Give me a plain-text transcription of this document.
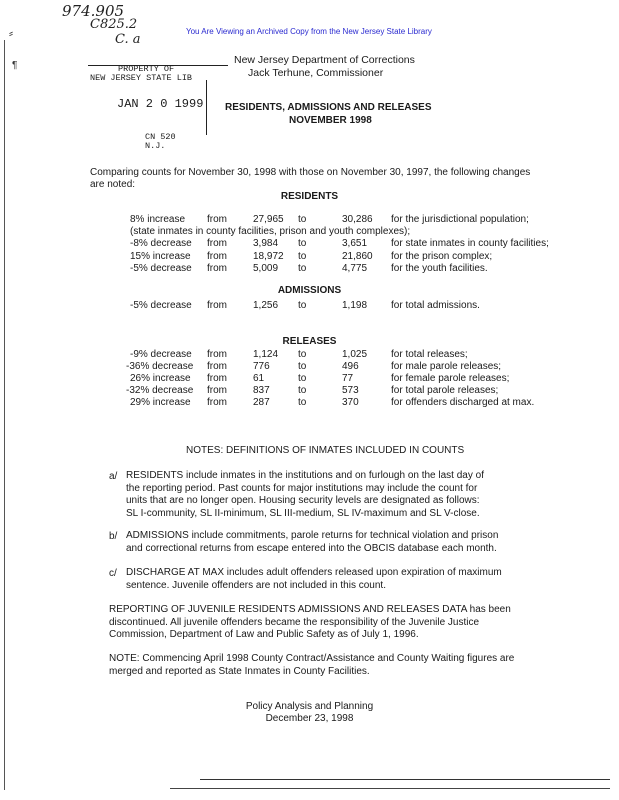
974.905
C825.2
C. a
You Are Viewing an Archived Copy from the New Jersey State Library
⸗
¶	PROPERTY OF
NEW JERSEY STATE LIB
JAN 2 0 1999
CN 520
N.J.
New Jersey Department of Corrections
Jack Terhune, Commissioner
RESIDENTS, ADMISSIONS AND RELEASES
NOVEMBER 1998
Comparing counts for November 30, 1998 with those on November 30, 1997, the following changes
are noted:
RESIDENTS
8% increase from	27,965 to	30,286 for the jurisdictional population;
(state inmates in county facilities, prison and youth complexes);
-8% decrease from	3,984 to	3,651 for state inmates in county facilities;
15% increase from	18,972 to	21,860 for the prison complex;
-5% decrease from	5,009 to	4,775 for the youth facilities.
ADMISSIONS
-5% decrease from	1,256 to	1,198 for total admissions.
RELEASES
-9% decrease from	1,124 to	1,025 for total releases;
-36% decrease from	776	to	496	for male parole releases;
26% increase from	61	to	77	for female parole releases;
-32% decrease from	837	to	573	for total parole releases;
29% increase from	287	to	370	for offenders discharged at max.
NOTES: DEFINITIONS OF INMATES INCLUDED IN COUNTS
a/ RESIDENTS include inmates in the institutions and on furlough on the last day of
the reporting period. Past counts for major institutions may include the count for
units that are no longer open. Housing security levels are designated as follows:
SL I-community, SL II-minimum, SL III-medium, SL IV-maximum and SL V-close.
b/ ADMISSIONS include commitments, parole returns for technical violation and prison
and correctional returns from escape entered into the OBCIS database each month.
c/ DISCHARGE AT MAX includes adult offenders released upon expiration of maximum
sentence. Juvenile offenders are not included in this count.
REPORTING OF JUVENILE RESIDENTS ADMISSIONS AND RELEASES DATA has been
discontinued. All juvenile offenders became the responsibility of the Juvenile Justice
Commission, Department of Law and Public Safety as of July 1, 1996.
NOTE: Commencing April 1998 County Contract/Assistance and County Waiting figures are
merged and reported as State Inmates in County Facilities.
Policy Analysis and Planning
December 23, 1998
